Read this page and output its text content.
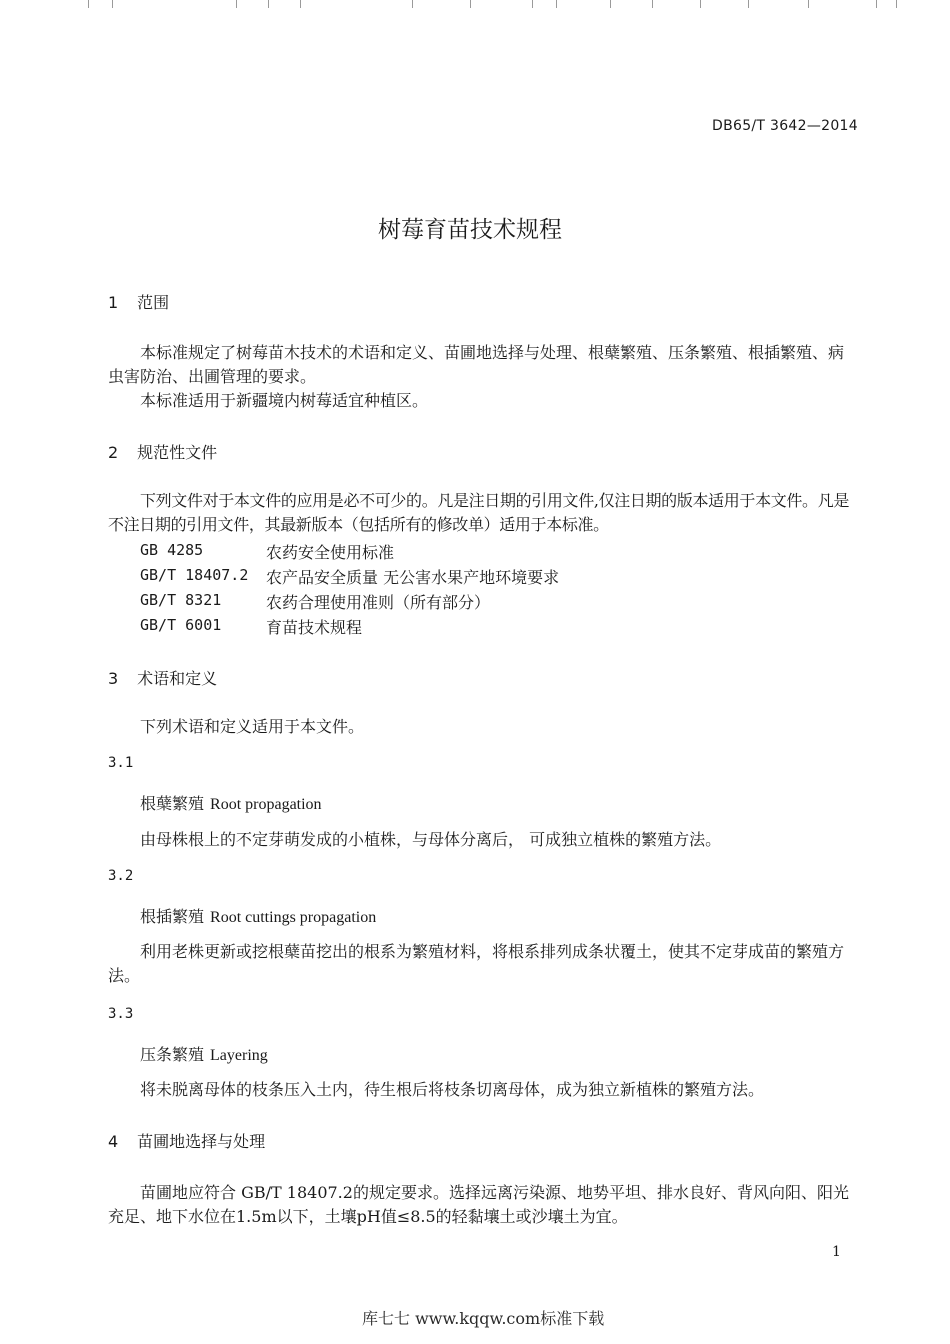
DB65/T 3642—2014
树莓育苗技术规程
1 范围
本标准规定了树莓苗木技术的术语和定义、苗圃地选择与处理、根蘖繁殖、压条繁殖、根插繁殖、病虫害防治、出圃管理的要求。
本标准适用于新疆境内树莓适宜种植区。
2 规范性文件
下列文件对于本文件的应用是必不可少的。凡是注日期的引用文件,仅注日期的版本适用于本文件。凡是不注日期的引用文件，其最新版本（包括所有的修改单）适用于本标准。
GB 4285	农药安全使用标准
GB/T 18407.2 农产品安全质量 无公害水果产地环境要求
GB/T 8321	农药合理使用准则（所有部分）
GB/T 6001	育苗技术规程
3 术语和定义
下列术语和定义适用于本文件。
3.1
根蘖繁殖 Root propagation
由母株根上的不定芽萌发成的小植株，与母体分离后， 可成独立植株的繁殖方法。
3.2
根插繁殖 Root cuttings propagation
利用老株更新或挖根蘖苗挖出的根系为繁殖材料，将根系排列成条状覆土，使其不定芽成苗的繁殖方法。
3.3
压条繁殖 Layering
将未脱离母体的枝条压入土内，待生根后将枝条切离母体，成为独立新植株的繁殖方法。
4 苗圃地选择与处理
苗圃地应符合 GB/T 18407.2的规定要求。选择远离污染源、地势平坦、排水良好、背风向阳、阳光充足、地下水位在1.5m以下，土壤pH值≤8.5的轻黏壤土或沙壤土为宜。
1
库七七 www.kqqw.com标准下载
